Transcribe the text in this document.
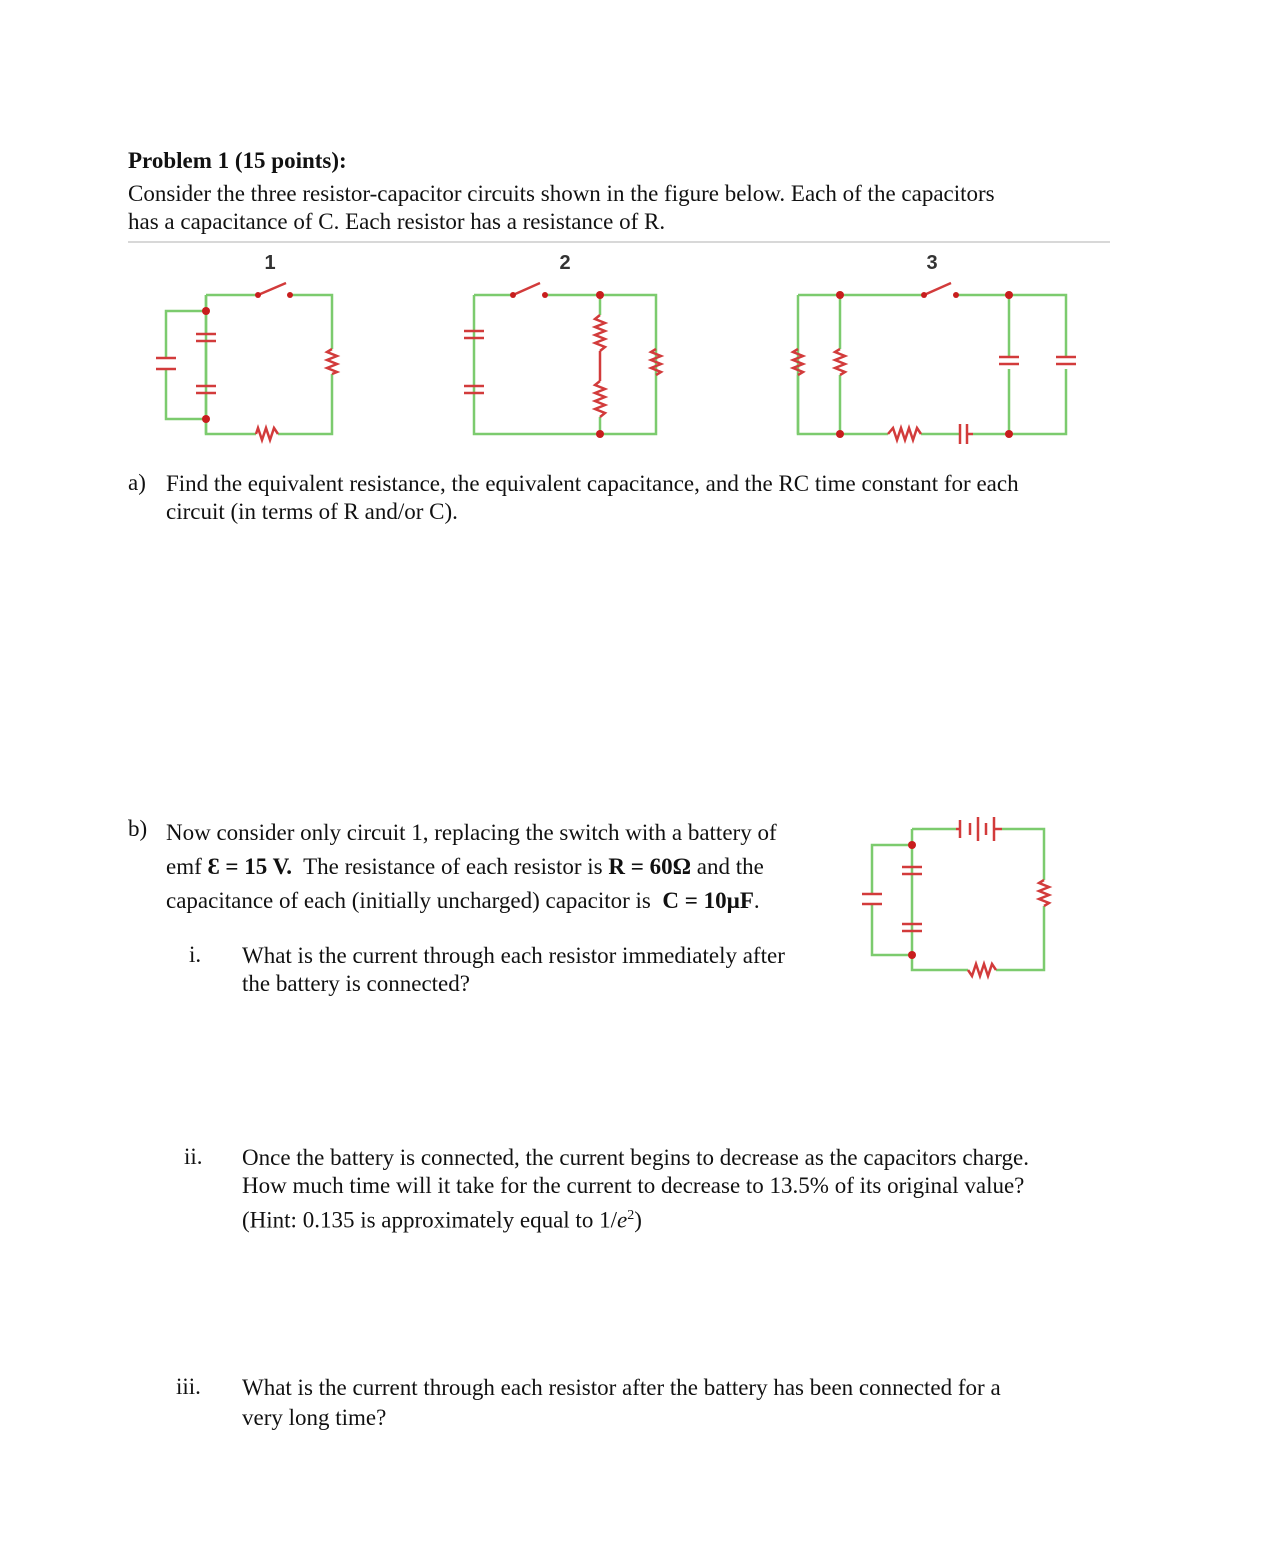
Problem 1 (15 points):
Consider the three resistor-capacitor circuits shown in the figure below. Each of the capacitors
has a capacitance of C. Each resistor has a resistance of R.
1	2	3
a) Find the equivalent resistance, the equivalent capacitance, and the RC time constant for each
circuit (in terms of R and/or C).
b) Now consider only circuit 1, replacing the switch with a battery of
emf Ɛ = 15 V.  The resistance of each resistor is R = 60Ω and the
capacitance of each (initially uncharged) capacitor is  C = 10µF.
i. What is the current through each resistor immediately after
the battery is connected?
ii. Once the battery is connected, the current begins to decrease as the capacitors charge.
How much time will it take for the current to decrease to 13.5% of its original value?
(Hint: 0.135 is approximately equal to $1/e^2$)
iii. What is the current through each resistor after the battery has been connected for a
very long time?
